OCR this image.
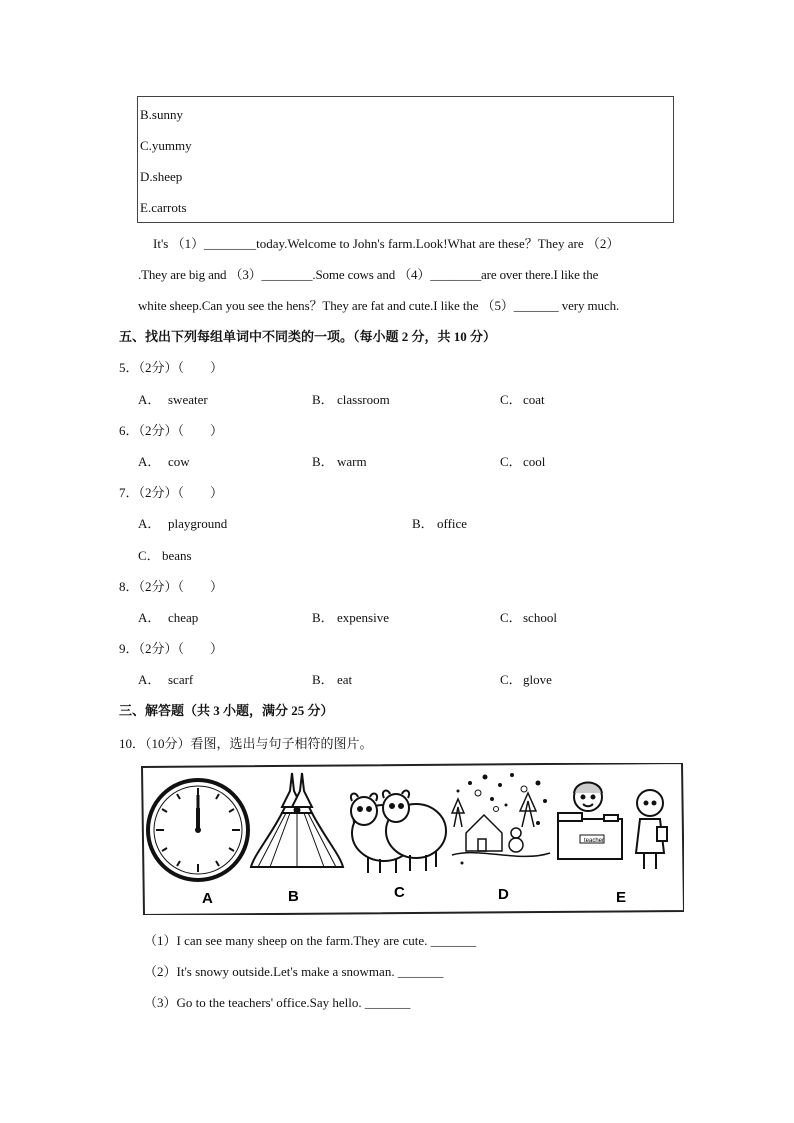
B.sunny
C.yummy
D.sheep
E.carrots
It's （1）________today.Welcome to John's farm.Look!What are these？They are （2）
.They are big and （3）________.Some cows and （4）________are over there.I like the
white sheep.Can you see the hens？They are fat and cute.I like the （5）_______ very much.
五、找出下列每组单词中不同类的一项。（每小题 2 分，共 10 分）
5．（2分）（　　）
A． sweater	B． classroom	C．coat
6．（2分）（　　）
A． cow	B． warm	C．cool
7．（2分）（　　）
A． playground	B． office
C． beans
8．（2分）（　　）
A． cheap	B． expensive	C．school
9．（2分）（　　）
A． scarf	B． eat	C．glove
三、解答题（共 3 小题，满分 25 分）
10．（10分）看图，选出与句子相符的图片。
A	B	C	D
teacher
E
（1）I can see many sheep on the farm.They are cute. _______
（2）It's snowy outside.Let's make a snowman. _______
（3）Go to the teachers' office.Say hello. _______
